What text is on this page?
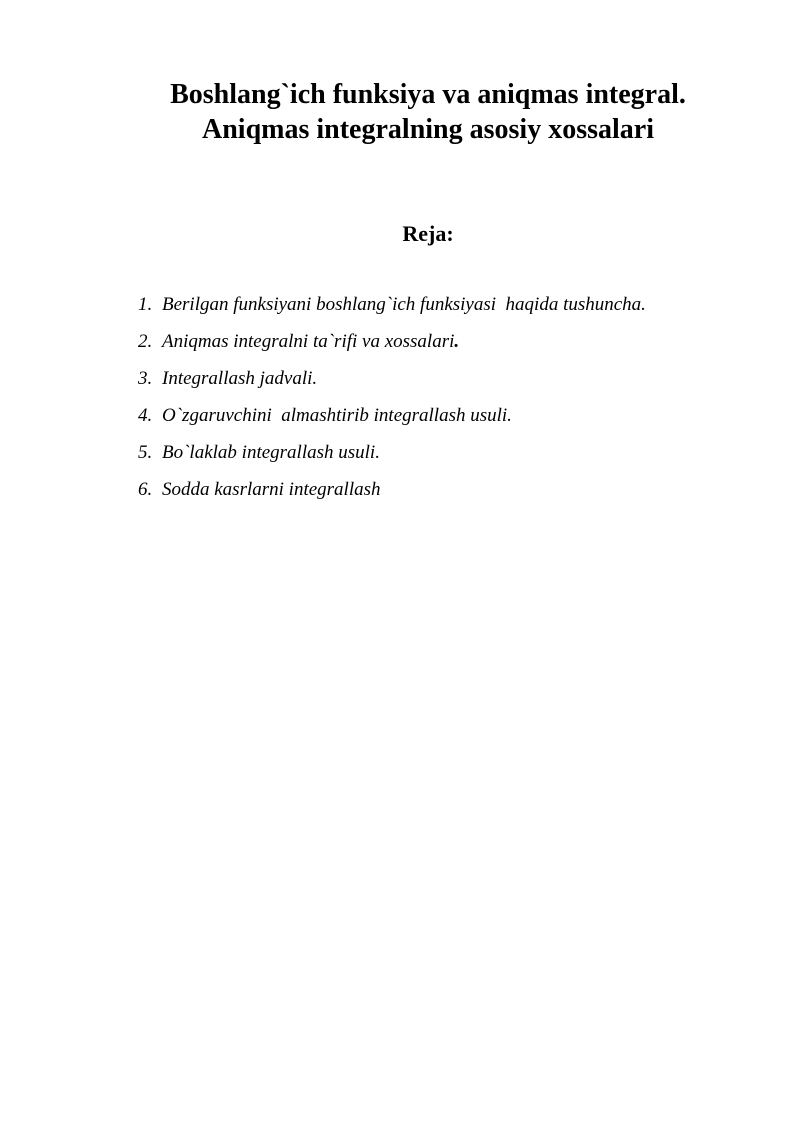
Boshlang`ich funksiya va aniqmas integral.
Aniqmas integralning asosiy xossalari
Reja:
1. Berilgan funksiyani boshlang`ich funksiyasi  haqida tushuncha.
2. Aniqmas integralni ta`rifi va xossalari.
3. Integrallash jadvali.
4. O`zgaruvchini  almashtirib integrallash usuli.
5. Bo`laklab integrallash usuli.
6. Sodda kasrlarni integrallash
